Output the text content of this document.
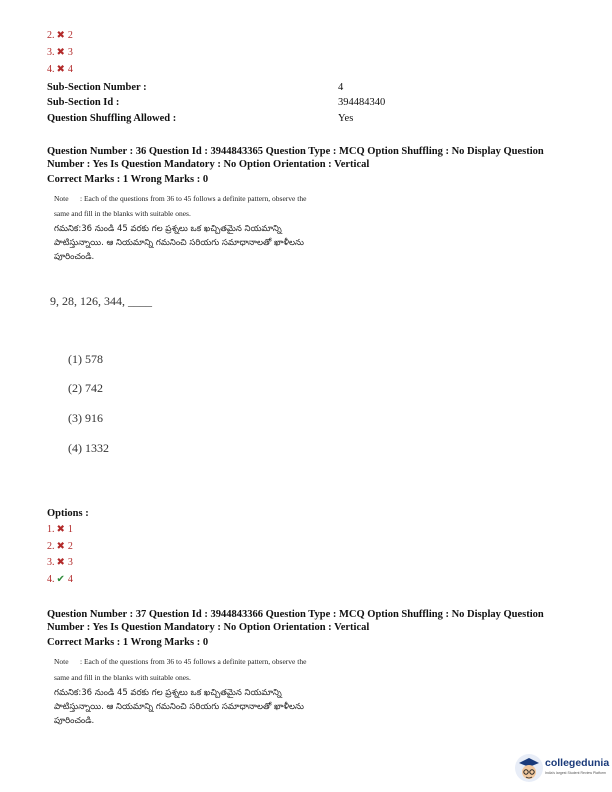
2. ✖ 2
3. ✖ 3
4. ✖ 4
Sub-Section Number :	4
Sub-Section Id :	394484340
Question Shuffling Allowed :	Yes
Question Number : 36 Question Id : 3944843365 Question Type : MCQ Option Shuffling : No Display Question
Number : Yes Is Question Mandatory : No Option Orientation : Vertical
Correct Marks : 1 Wrong Marks : 0
Note : Each of the questions from 36 to 45 follows a definite pattern, observe the
same and fill in the blanks with suitable ones.
గమనిక:36 నుండి 45 వరకు గల ప్రశ్నలు ఒక ఖచ్చితమైన నియమాన్ని
పాటిస్తున్నాయి. ఆ నియమాన్ని గమనించి సరియగు సమాధానాలతో ఖాళీలను
పూరించండి.
9, 28, 126, 344, ____
(1) 578
(2) 742
(3) 916
(4) 1332
Options :
1. ✖ 1
2. ✖ 2
3. ✖ 3
4. ✔ 4
Question Number : 37 Question Id : 3944843366 Question Type : MCQ Option Shuffling : No Display Question
Number : Yes Is Question Mandatory : No Option Orientation : Vertical
Correct Marks : 1 Wrong Marks : 0
Note : Each of the questions from 36 to 45 follows a definite pattern, observe the
same and fill in the blanks with suitable ones.
గమనిక:36 నుండి 45 వరకు గల ప్రశ్నలు ఒక ఖచ్చితమైన నియమాన్ని
పాటిస్తున్నాయి. ఆ నియమాన్ని గమనించి సరియగు సమాధానాలతో ఖాళీలను
పూరించండి.
collegedunia
India's largest Student Review Platform
